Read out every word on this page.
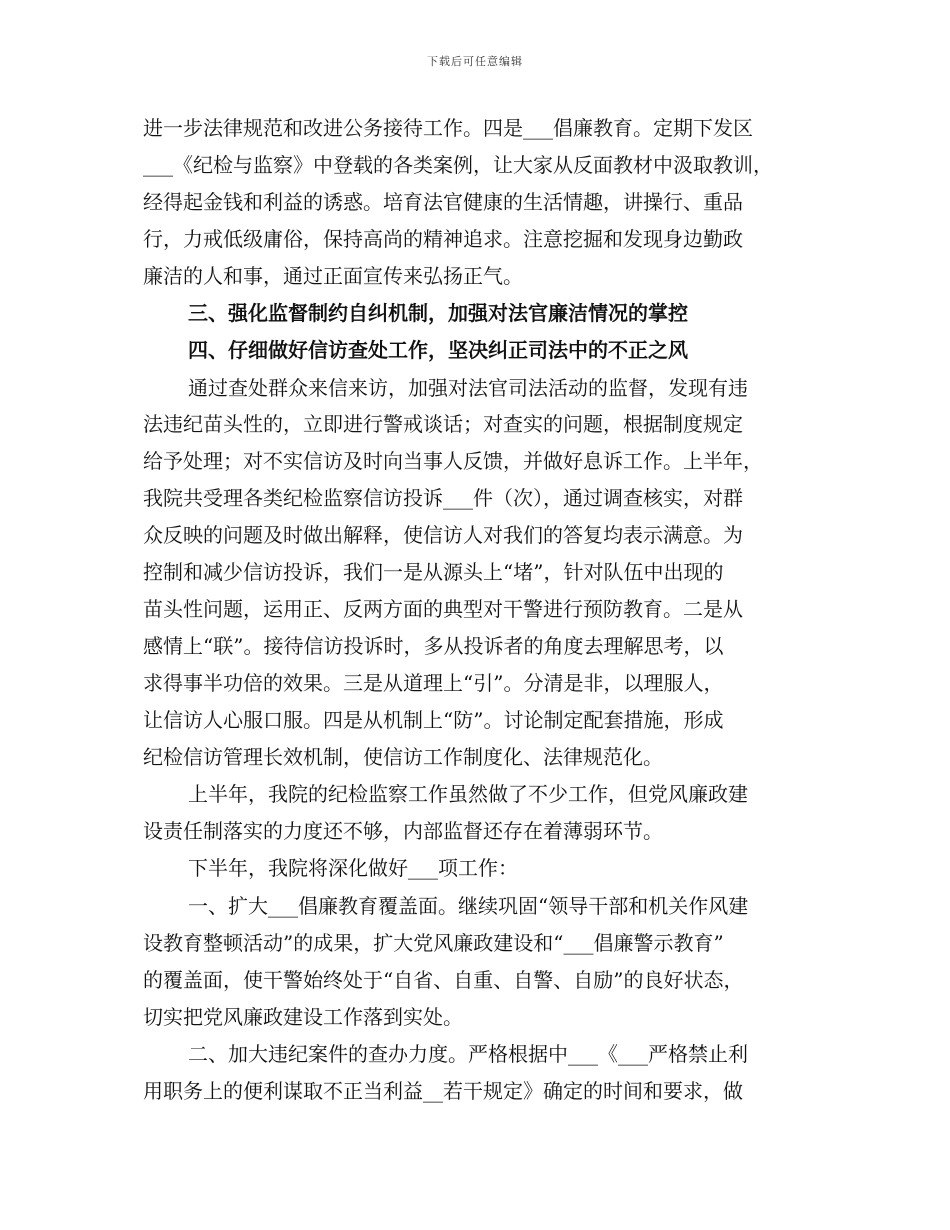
下载后可任意编辑
进一步法律规范和改进公务接待工作。四是___倡廉教育。定期下发区
___《纪检与监察》中登载的各类案例，让大家从反面教材中汲取教训，
经得起金钱和利益的诱惑。培育法官健康的生活情趣，讲操行、重品
行，力戒低级庸俗，保持高尚的精神追求。注意挖掘和发现身边勤政
廉洁的人和事，通过正面宣传来弘扬正气。
三、强化监督制约自纠机制，加强对法官廉洁情况的掌控
四、仔细做好信访查处工作，坚决纠正司法中的不正之风
通过查处群众来信来访，加强对法官司法活动的监督，发现有违
法违纪苗头性的，立即进行警戒谈话；对查实的问题，根据制度规定
给予处理；对不实信访及时向当事人反馈，并做好息诉工作。上半年，
我院共受理各类纪检监察信访投诉___件（次），通过调查核实，对群
众反映的问题及时做出解释，使信访人对我们的答复均表示满意。为
控制和减少信访投诉，我们一是从源头上“堵”，针对队伍中出现的
苗头性问题，运用正、反两方面的典型对干警进行预防教育。二是从
感情上“联”。接待信访投诉时，多从投诉者的角度去理解思考，以
求得事半功倍的效果。三是从道理上“引”。分清是非，以理服人，
让信访人心服口服。四是从机制上“防”。讨论制定配套措施，形成
纪检信访管理长效机制，使信访工作制度化、法律规范化。
上半年，我院的纪检监察工作虽然做了不少工作，但党风廉政建
设责任制落实的力度还不够，内部监督还存在着薄弱环节。
下半年，我院将深化做好___项工作：
一、扩大___倡廉教育覆盖面。继续巩固“领导干部和机关作风建
设教育整顿活动”的成果，扩大党风廉政建设和“___倡廉警示教育”
的覆盖面，使干警始终处于“自省、自重、自警、自励”的良好状态，
切实把党风廉政建设工作落到实处。
二、加大违纪案件的查办力度。严格根据中___《___严格禁止利
用职务上的便利谋取不正当利益__若干规定》确定的时间和要求，做
